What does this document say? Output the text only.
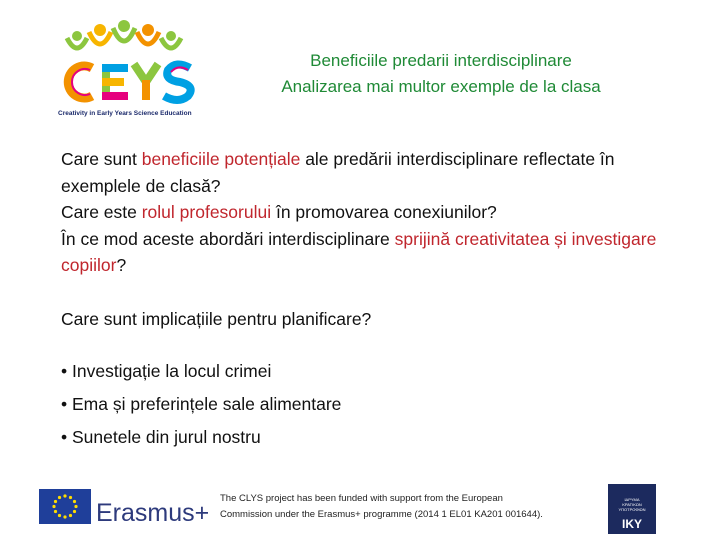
Creativity in Early Years Science Education
Beneficiile predarii interdisciplinare
Analizarea mai multor exemple de la clasa

Care sunt beneficiile potențiale ale predării interdisciplinare reflectate în exemplele de clasă?

Care este rolul profesorului în promovarea conexiunilor?

În ce mod aceste abordări interdisciplinare sprijină creativitatea și investigare copiilor?

Care sunt implicațiile pentru planificare?

• Investigație la locul crimei
• Ema și preferințele sale alimentare
• Sunetele din jurul nostru
Erasmus+
The CLYS project has been funded with support from the European
Commission under the Erasmus+ programme (2014 1 EL01 KA201 001644).
ΙΔΡΥΜΑ
ΚΡΑΤΙΚΩΝ
ΥΠΟΤΡΟΦΙΩΝ
IKY
